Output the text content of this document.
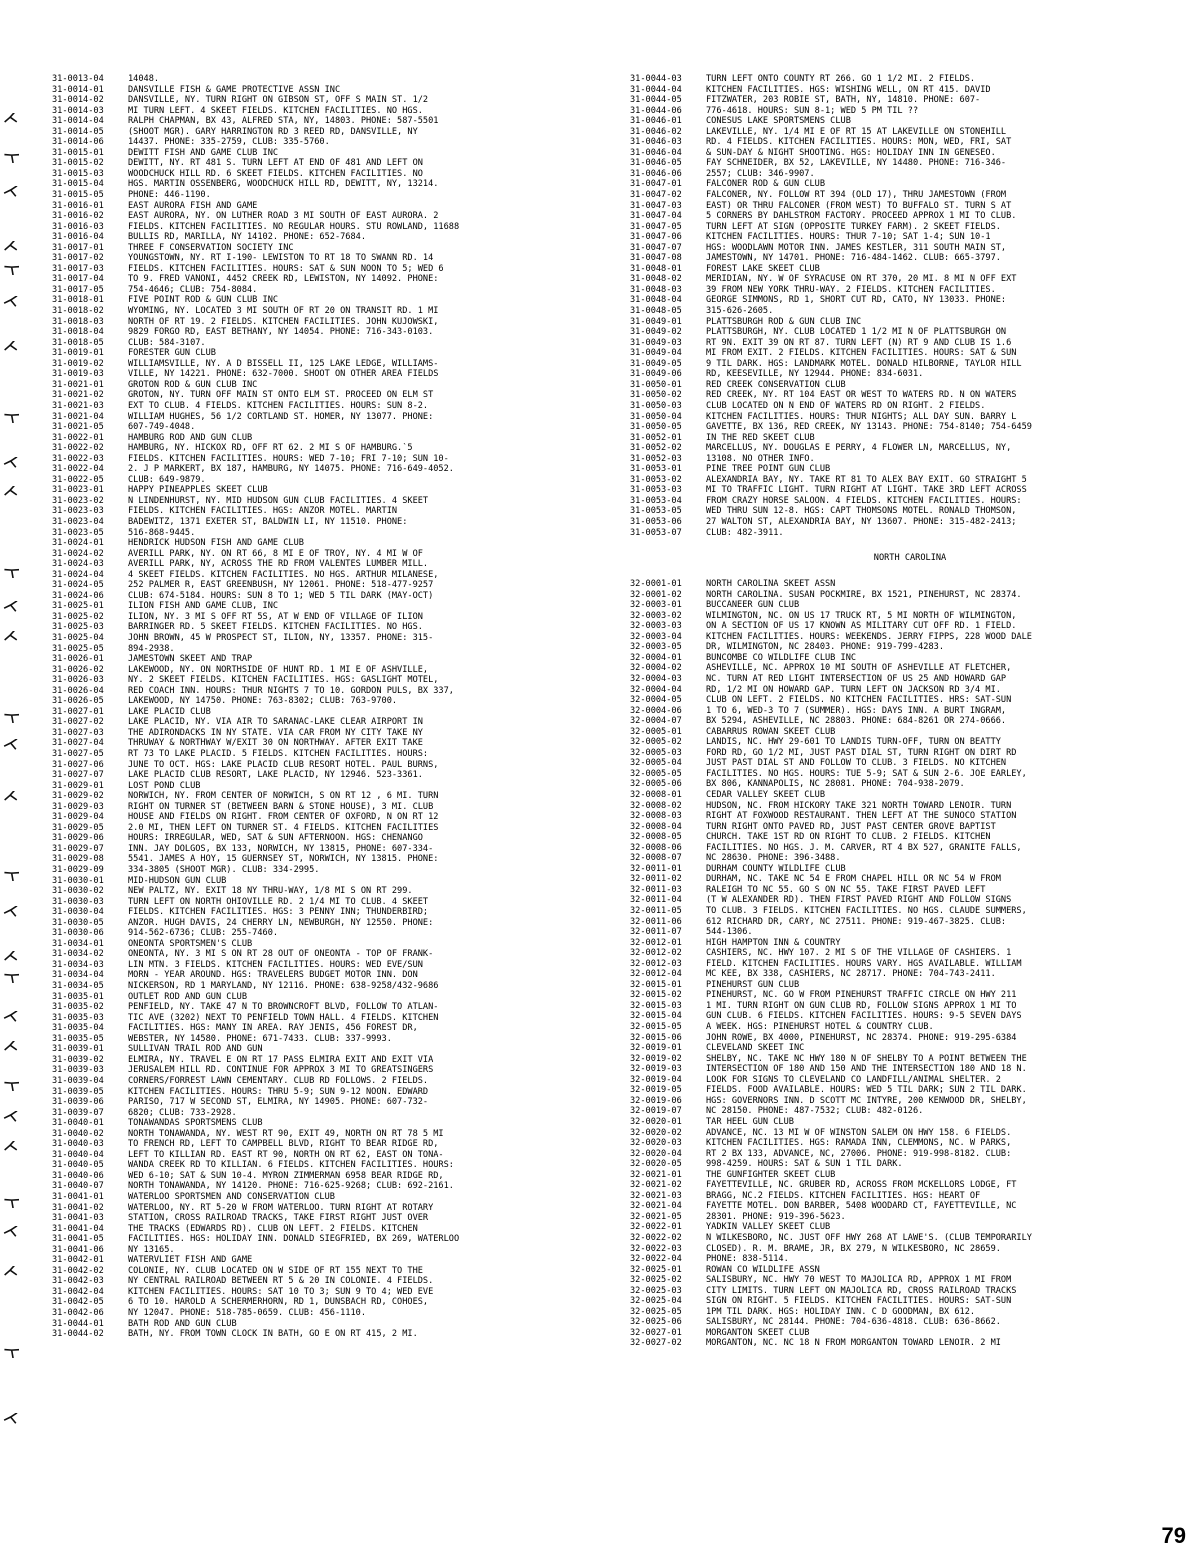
31-0013-04	14048.
31-0014-01	DANSVILLE FISH & GAME PROTECTIVE ASSN INC
31-0014-02	DANSVILLE, NY. TURN RIGHT ON GIBSON ST, OFF S MAIN ST. 1/2
31-0014-03	MI TURN LEFT. 4 SKEET FIELDS. KITCHEN FACILITIES. NO HGS.
31-0014-04	RALPH CHAPMAN, BX 43, ALFRED STA, NY, 14803. PHONE: 587-5501
31-0014-05	(SHOOT MGR). GARY HARRINGTON RD 3 REED RD, DANSVILLE, NY
31-0014-06	14437. PHONE: 335-2759, CLUB: 335-5760.
31-0015-01	DEWITT FISH AND GAME CLUB INC
31-0015-02	DEWITT, NY. RT 481 S. TURN LEFT AT END OF 481 AND LEFT ON
31-0015-03	WOODCHUCK HILL RD. 6 SKEET FIELDS. KITCHEN FACILITIES. NO
31-0015-04	HGS. MARTIN OSSENBERG, WOODCHUCK HILL RD, DEWITT, NY, 13214.
31-0015-05	PHONE: 446-1190.
31-0016-01	EAST AURORA FISH AND GAME
31-0016-02	EAST AURORA, NY. ON LUTHER ROAD 3 MI SOUTH OF EAST AURORA. 2
31-0016-03	FIELDS. KITCHEN FACILITIES. NO REGULAR HOURS. STU ROWLAND, 11688
31-0016-04	BULLIS RD, MARILLA, NY 14102. PHONE: 652-7684.
31-0017-01	THREE F CONSERVATION SOCIETY INC
31-0017-02	YOUNGSTOWN, NY. RT I-190- LEWISTON TO RT 18 TO SWANN RD. 14
31-0017-03	FIELDS. KITCHEN FACILITIES. HOURS: SAT & SUN NOON TO 5; WED 6
31-0017-04	TO 9. FRED VANONI, 4452 CREEK RD, LEWISTON, NY 14092. PHONE:
31-0017-05	754-4646; CLUB: 754-8084.
31-0018-01	FIVE POINT ROD & GUN CLUB INC
31-0018-02	WYOMING, NY. LOCATED 3 MI SOUTH OF RT 20 ON TRANSIT RD. 1 MI
31-0018-03	NORTH OF RT 19. 2 FIELDS. KITCHEN FACILITIES. JOHN KUJOWSKI,
31-0018-04	9829 FORGO RD, EAST BETHANY, NY 14054. PHONE: 716-343-0103.
31-0018-05	CLUB: 584-3107.
31-0019-01	FORESTER GUN CLUB
31-0019-02	WILLIAMSVILLE, NY. A D BISSELL II, 125 LAKE LEDGE, WILLIAMS-
31-0019-03	VILLE, NY 14221. PHONE: 632-7000. SHOOT ON OTHER AREA FIELDS
31-0021-01	GROTON ROD & GUN CLUB INC
31-0021-02	GROTON, NY. TURN OFF MAIN ST ONTO ELM ST. PROCEED ON ELM ST
31-0021-03	EXT TO CLUB. 4 FIELDS. KITCHEN FACILITIES. HOURS: SUN 8-2.
31-0021-04	WILLIAM HUGHES, 56 1/2 CORTLAND ST. HOMER, NY 13077. PHONE:
31-0021-05	607-749-4048.
31-0022-01	HAMBURG ROD AND GUN CLUB
31-0022-02	HAMBURG, NY. HICKOX RD, OFF RT 62. 2 MI S OF HAMBURG.`5
31-0022-03	FIELDS. KITCHEN FACILITIES. HOURS: WED 7-10; FRI 7-10; SUN 10-
31-0022-04	2. J P MARKERT, BX 187, HAMBURG, NY 14075. PHONE: 716-649-4052.
31-0022-05	CLUB: 649-9879.
31-0023-01	HAPPY PINEAPPLES SKEET CLUB
31-0023-02	N LINDENHURST, NY. MID HUDSON GUN CLUB FACILITIES. 4 SKEET
31-0023-03	FIELDS. KITCHEN FACILITIES. HGS: ANZOR MOTEL. MARTIN
31-0023-04	BADEWITZ, 1371 EXETER ST, BALDWIN LI, NY 11510. PHONE:
31-0023-05	516-868-9445.
31-0024-01	HENDRICK HUDSON FISH AND GAME CLUB
31-0024-02	AVERILL PARK, NY. ON RT 66, 8 MI E OF TROY, NY. 4 MI W OF
31-0024-03	AVERILL PARK, NY, ACROSS THE RD FROM VALENTES LUMBER MILL.
31-0024-04	4 SKEET FIELDS. KITCHEN FACILITIES. NO HGS. ARTHUR MILANESE,
31-0024-05	252 PALMER R, EAST GREENBUSH, NY 12061. PHONE: 518-477-9257
31-0024-06	CLUB: 674-5184. HOURS: SUN 8 TO 1; WED 5 TIL DARK (MAY-OCT)
31-0025-01	ILION FISH AND GAME CLUB, INC
31-0025-02	ILION, NY. 3 MI S OFF RT 5S, AT W END OF VILLAGE OF ILION
31-0025-03	BARRINGER RD. 5 SKEET FIELDS. KITCHEN FACILITIES. NO HGS.
31-0025-04	JOHN BROWN, 45 W PROSPECT ST, ILION, NY, 13357. PHONE: 315-
31-0025-05	894-2938.
31-0026-01	JAMESTOWN SKEET AND TRAP
31-0026-02	LAKEWOOD, NY. ON NORTHSIDE OF HUNT RD. 1 MI E OF ASHVILLE,
31-0026-03	NY. 2 SKEET FIELDS. KITCHEN FACILITIES. HGS: GASLIGHT MOTEL,
31-0026-04	RED COACH INN. HOURS: THUR NIGHTS 7 TO 10. GORDON PULS, BX 337,
31-0026-05	LAKEWOOD, NY 14750. PHONE: 763-8302; CLUB: 763-9700.
31-0027-01	LAKE PLACID CLUB
31-0027-02	LAKE PLACID, NY. VIA AIR TO SARANAC-LAKE CLEAR AIRPORT IN
31-0027-03	THE ADIRONDACKS IN NY STATE. VIA CAR FROM NY CITY TAKE NY
31-0027-04	THRUWAY & NORTHWAY W/EXIT 30 ON NORTHWAY. AFTER EXIT TAKE
31-0027-05	RT 73 TO LAKE PLACID. 5 FIELDS. KITCHEN FACILITIES. HOURS:
31-0027-06	JUNE TO OCT. HGS: LAKE PLACID CLUB RESORT HOTEL. PAUL BURNS,
31-0027-07	LAKE PLACID CLUB RESORT, LAKE PLACID, NY 12946. 523-3361.
31-0029-01	LOST POND CLUB
31-0029-02	NORWICH, NY. FROM CENTER OF NORWICH, S ON RT 12 , 6 MI. TURN
31-0029-03	RIGHT ON TURNER ST (BETWEEN BARN & STONE HOUSE), 3 MI. CLUB
31-0029-04	HOUSE AND FIELDS ON RIGHT. FROM CENTER OF OXFORD, N ON RT 12
31-0029-05	2.0 MI, THEN LEFT ON TURNER ST. 4 FIELDS. KITCHEN FACILITIES
31-0029-06	HOURS: IRREGULAR, WED, SAT & SUN AFTERNOON. HGS: CHENANGO
31-0029-07	INN. JAY DOLGOS, BX 133, NORWICH, NY 13815, PHONE: 607-334-
31-0029-08	5541. JAMES A HOY, 15 GUERNSEY ST, NORWICH, NY 13815. PHONE:
31-0029-09	334-3805 (SHOOT MGR). CLUB: 334-2995.
31-0030-01	MID-HUDSON GUN CLUB
31-0030-02	NEW PALTZ, NY. EXIT 18 NY THRU-WAY, 1/8 MI S ON RT 299.
31-0030-03	TURN LEFT ON NORTH OHIOVILLE RD. 2 1/4 MI TO CLUB. 4 SKEET
31-0030-04	FIELDS. KITCHEN FACILITIES. HGS: 3 PENNY INN; THUNDERBIRD;
31-0030-05	ANZOR. HUGH DAVIS, 24 CHERRY LN, NEWBURGH, NY 12550. PHONE:
31-0030-06	914-562-6736; CLUB: 255-7460.
31-0034-01	ONEONTA SPORTSMEN'S CLUB
31-0034-02	ONEONTA, NY. 3 MI S ON RT 28 OUT OF ONEONTA - TOP OF FRANK-
31-0034-03	LIN MTN. 3 FIELDS. KITCHEN FACILITIES. HOURS: WED EVE/SUN
31-0034-04	MORN - YEAR AROUND. HGS: TRAVELERS BUDGET MOTOR INN. DON
31-0034-05	NICKERSON, RD 1 MARYLAND, NY 12116. PHONE: 638-9258/432-9686
31-0035-01	OUTLET ROD AND GUN CLUB
31-0035-02	PENFIELD, NY. TAKE 47 N TO BROWNCROFT BLVD, FOLLOW TO ATLAN-
31-0035-03	TIC AVE (3202) NEXT TO PENFIELD TOWN HALL. 4 FIELDS. KITCHEN
31-0035-04	FACILITIES. HGS: MANY IN AREA. RAY JENIS, 456 FOREST DR,
31-0035-05	WEBSTER, NY 14580. PHONE: 671-7433. CLUB: 337-9993.
31-0039-01	SULLIVAN TRAIL ROD AND GUN
31-0039-02	ELMIRA, NY. TRAVEL E ON RT 17 PASS ELMIRA EXIT AND EXIT VIA
31-0039-03	JERUSALEM HILL RD. CONTINUE FOR APPROX 3 MI TO GREATSINGERS
31-0039-04	CORNERS/FORREST LAWN CEMENTARY. CLUB RD FOLLOWS. 2 FIELDS.
31-0039-05	KITCHEN FACILITIES. HOURS: THRU 5-9; SUN 9-12 NOON. EDWARD
31-0039-06	PARISO, 717 W SECOND ST, ELMIRA, NY 14905. PHONE: 607-732-
31-0039-07	6820; CLUB: 733-2928.
31-0040-01	TONAWANDAS SPORTSMENS CLUB
31-0040-02	NORTH TONAWANDA, NY. WEST RT 90, EXIT 49, NORTH ON RT 78 5 MI
31-0040-03	TO FRENCH RD, LEFT TO CAMPBELL BLVD, RIGHT TO BEAR RIDGE RD,
31-0040-04	LEFT TO KILLIAN RD. EAST RT 90, NORTH ON RT 62, EAST ON TONA-
31-0040-05	WANDA CREEK RD TO KILLIAN. 6 FIELDS. KITCHEN FACILITIES. HOURS:
31-0040-06	WED 6-10; SAT & SUN 10-4. MYRON ZIMMERMAN 6958 BEAR RIDGE RD,
31-0040-07	NORTH TONAWANDA, NY 14120. PHONE: 716-625-9268; CLUB: 692-2161.
31-0041-01	WATERLOO SPORTSMEN AND CONSERVATION CLUB
31-0041-02	WATERLOO, NY. RT 5-20 W FROM WATERLOO. TURN RIGHT AT ROTARY
31-0041-03	STATION, CROSS RAILROAD TRACKS, TAKE FIRST RIGHT JUST OVER
31-0041-04	THE TRACKS (EDWARDS RD). CLUB ON LEFT. 2 FIELDS. KITCHEN
31-0041-05	FACILITIES. HGS: HOLIDAY INN. DONALD SIEGFRIED, BX 269, WATERLOO
31-0041-06	NY 13165.
31-0042-01	WATERVLIET FISH AND GAME
31-0042-02	COLONIE, NY. CLUB LOCATED ON W SIDE OF RT 155 NEXT TO THE
31-0042-03	NY CENTRAL RAILROAD BETWEEN RT 5 & 20 IN COLONIE. 4 FIELDS.
31-0042-04	KITCHEN FACILITIES. HOURS: SAT 10 TO 3; SUN 9 TO 4; WED EVE
31-0042-05	6 TO 10. HAROLD A SCHERMERHORN, RD 1, DUNSBACH RD, COHOES,
31-0042-06	NY 12047. PHONE: 518-785-0659. CLUB: 456-1110.
31-0044-01	BATH ROD AND GUN CLUB
31-0044-02	BATH, NY. FROM TOWN CLOCK IN BATH, GO E ON RT 415, 2 MI.
31-0044-03	TURN LEFT ONTO COUNTY RT 266. GO 1 1/2 MI. 2 FIELDS.
31-0044-04	KITCHEN FACILITIES. HGS: WISHING WELL, ON RT 415. DAVID
31-0044-05	FITZWATER, 203 ROBIE ST, BATH, NY, 14810. PHONE: 607-
31-0044-06	776-4618. HOURS: SUN 8-1; WED 5 PM TIL ??
31-0046-01	CONESUS LAKE SPORTSMENS CLUB
31-0046-02	LAKEVILLE, NY. 1/4 MI E OF RT 15 AT LAKEVILLE ON STONEHILL
31-0046-03	RD. 4 FIELDS. KITCHEN FACILITIES. HOURS: MON, WED, FRI, SAT
31-0046-04	& SUN-DAY & NIGHT SHOOTING. HGS: HOLIDAY INN IN GENESEO.
31-0046-05	FAY SCHNEIDER, BX 52, LAKEVILLE, NY 14480. PHONE: 716-346-
31-0046-06	2557; CLUB: 346-9907.
31-0047-01	FALCONER ROD & GUN CLUB
31-0047-02	FALCONER, NY. FOLLOW RT 394 (OLD 17), THRU JAMESTOWN (FROM
31-0047-03	EAST) OR THRU FALCONER (FROM WEST) TO BUFFALO ST. TURN S AT
31-0047-04	5 CORNERS BY DAHLSTROM FACTORY. PROCEED APPROX 1 MI TO CLUB.
31-0047-05	TURN LEFT AT SIGN (OPPOSITE TURKEY FARM). 2 SKEET FIELDS.
31-0047-06	KITCHEN FACILITIES. HOURS: THUR 7-10; SAT 1-4; SUN 10-1
31-0047-07	HGS: WOODLAWN MOTOR INN. JAMES KESTLER, 311 SOUTH MAIN ST,
31-0047-08	JAMESTOWN, NY 14701. PHONE: 716-484-1462. CLUB: 665-3797.
31-0048-01	FOREST LAKE SKEET CLUB
31-0048-02	MERIDIAN, NY. W OF SYRACUSE ON RT 370, 20 MI. 8 MI N OFF EXT
31-0048-03	39 FROM NEW YORK THRU-WAY. 2 FIELDS. KITCHEN FACILITIES.
31-0048-04	GEORGE SIMMONS, RD 1, SHORT CUT RD, CATO, NY 13033. PHONE:
31-0048-05	315-626-2605.
31-0049-01	PLATTSBURGH ROD & GUN CLUB INC
31-0049-02	PLATTSBURGH, NY. CLUB LOCATED 1 1/2 MI N OF PLATTSBURGH ON
31-0049-03	RT 9N. EXIT 39 ON RT 87. TURN LEFT (N) RT 9 AND CLUB IS 1.6
31-0049-04	MI FROM EXIT. 2 FIELDS. KITCHEN FACILITIES. HOURS: SAT & SUN
31-0049-05	9 TIL DARK. HGS: LANDMARK MOTEL. DONALD HILBORNE, TAYLOR HILL
31-0049-06	RD, KEESEVILLE, NY 12944. PHONE: 834-6031.
31-0050-01	RED CREEK CONSERVATION CLUB
31-0050-02	RED CREEK, NY. RT 104 EAST OR WEST TO WATERS RD. N ON WATERS
31-0050-03	CLUB LOCATED ON N END OF WATERS RD ON RIGHT. 2 FIELDS.
31-0050-04	KITCHEN FACILITIES. HOURS: THUR NIGHTS; ALL DAY SUN. BARRY L
31-0050-05	GAVETTE, BX 136, RED CREEK, NY 13143. PHONE: 754-8140; 754-6459
31-0052-01	IN THE RED SKEET CLUB
31-0052-02	MARCELLUS, NY. DOUGLAS E PERRY, 4 FLOWER LN, MARCELLUS, NY,
31-0052-03	13108. NO OTHER INFO.
31-0053-01	PINE TREE POINT GUN CLUB
31-0053-02	ALEXANDRIA BAY, NY. TAKE RT 81 TO ALEX BAY EXIT. GO STRAIGHT 5
31-0053-03	MI TO TRAFFIC LIGHT. TURN RIGHT AT LIGHT. TAKE 3RD LEFT ACROSS
31-0053-04	FROM CRAZY HORSE SALOON. 4 FIELDS. KITCHEN FACILITIES. HOURS:
31-0053-05	WED THRU SUN 12-8. HGS: CAPT THOMSONS MOTEL. RONALD THOMSON,
31-0053-06	27 WALTON ST, ALEXANDRIA BAY, NY 13607. PHONE: 315-482-2413;
31-0053-07	CLUB: 482-3911.
NORTH CAROLINA
32-0001-01	NORTH CAROLINA SKEET ASSN
32-0001-02	NORTH CAROLINA. SUSAN POCKMIRE, BX 1521, PINEHURST, NC 28374.
32-0003-01	BUCCANEER GUN CLUB
32-0003-02	WILMINGTON, NC. ON US 17 TRUCK RT, 5 MI NORTH OF WILMINGTON,
32-0003-03	ON A SECTION OF US 17 KNOWN AS MILITARY CUT OFF RD. 1 FIELD.
32-0003-04	KITCHEN FACILITIES. HOURS: WEEKENDS. JERRY FIPPS, 228 WOOD DALE
32-0003-05	DR, WILMINGTON, NC 28403. PHONE: 919-799-4283.
32-0004-01	BUNCOMBE CO WILDLIFE CLUB INC
32-0004-02	ASHEVILLE, NC. APPROX 10 MI SOUTH OF ASHEVILLE AT FLETCHER,
32-0004-03	NC. TURN AT RED LIGHT INTERSECTION OF US 25 AND HOWARD GAP
32-0004-04	RD, 1/2 MI ON HOWARD GAP. TURN LEFT ON JACKSON RD 3/4 MI.
32-0004-05	CLUB ON LEFT. 2 FIELDS. NO KITCHEN FACILITIES. HRS: SAT-SUN
32-0004-06	1 TO 6, WED-3 TO 7 (SUMMER). HGS: DAYS INN. A BURT INGRAM,
32-0004-07	BX 5294, ASHEVILLE, NC 28803. PHONE: 684-8261 OR 274-0666.
32-0005-01	CABARRUS ROWAN SKEET CLUB
32-0005-02	LANDIS, NC. HWY 29-601 TO LANDIS TURN-OFF, TURN ON BEATTY
32-0005-03	FORD RD, GO 1/2 MI, JUST PAST DIAL ST, TURN RIGHT ON DIRT RD
32-0005-04	JUST PAST DIAL ST AND FOLLOW TO CLUB. 3 FIELDS. NO KITCHEN
32-0005-05	FACILITIES. NO HGS. HOURS: TUE 5-9; SAT & SUN 2-6. JOE EARLEY,
32-0005-06	BX 806, KANNAPOLIS, NC 28081. PHONE: 704-938-2079.
32-0008-01	CEDAR VALLEY SKEET CLUB
32-0008-02	HUDSON, NC. FROM HICKORY TAKE 321 NORTH TOWARD LENOIR. TURN
32-0008-03	RIGHT AT FOXWOOD RESTAURANT. THEN LEFT AT THE SUNOCO STATION
32-0008-04	TURN RIGHT ONTO PAVED RD, JUST PAST CENTER GROVE BAPTIST
32-0008-05	CHURCH. TAKE 1ST RD ON RIGHT TO CLUB. 2 FIELDS. KITCHEN
32-0008-06	FACILITIES. NO HGS. J. M. CARVER, RT 4 BX 527, GRANITE FALLS,
32-0008-07	NC 28630. PHONE: 396-3488.
32-0011-01	DURHAM COUNTY WILDLIFE CLUB
32-0011-02	DURHAM, NC. TAKE NC 54 E FROM CHAPEL HILL OR NC 54 W FROM
32-0011-03	RALEIGH TO NC 55. GO S ON NC 55. TAKE FIRST PAVED LEFT
32-0011-04	(T W ALEXANDER RD). THEN FIRST PAVED RIGHT AND FOLLOW SIGNS
32-0011-05	TO CLUB. 3 FIELDS. KITCHEN FACILITIES. NO HGS. CLAUDE SUMMERS,
32-0011-06	612 RICHARD DR, CARY, NC 27511. PHONE: 919-467-3825. CLUB:
32-0011-07	544-1306.
32-0012-01	HIGH HAMPTON INN & COUNTRY
32-0012-02	CASHIERS, NC. HWY 107. 2 MI S OF THE VILLAGE OF CASHIERS. 1
32-0012-03	FIELD. KITCHEN FACILITIES. HOURS VARY. HGS AVAILABLE. WILLIAM
32-0012-04	MC KEE, BX 338, CASHIERS, NC 28717. PHONE: 704-743-2411.
32-0015-01	PINEHURST GUN CLUB
32-0015-02	PINEHURST, NC. GO W FROM PINEHURST TRAFFIC CIRCLE ON HWY 211
32-0015-03	1 MI. TURN RIGHT ON GUN CLUB RD, FOLLOW SIGNS APPROX 1 MI TO
32-0015-04	GUN CLUB. 6 FIELDS. KITCHEN FACILITIES. HOURS: 9-5 SEVEN DAYS
32-0015-05	A WEEK. HGS: PINEHURST HOTEL & COUNTRY CLUB.
32-0015-06	JOHN ROWE, BX 4000, PINEHURST, NC 28374. PHONE: 919-295-6384
32-0019-01	CLEVELAND SKEET INC
32-0019-02	SHELBY, NC. TAKE NC HWY 180 N OF SHELBY TO A POINT BETWEEN THE
32-0019-03	INTERSECTION OF 180 AND 150 AND THE INTERSECTION 180 AND 18 N.
32-0019-04	LOOK FOR SIGNS TO CLEVELAND CO LANDFILL/ANIMAL SHELTER. 2
32-0019-05	FIELDS. FOOD AVAILABLE. HOURS: WED 5 TIL DARK; SUN 2 TIL DARK.
32-0019-06	HGS: GOVERNORS INN. D SCOTT MC INTYRE, 200 KENWOOD DR, SHELBY,
32-0019-07	NC 28150. PHONE: 487-7532; CLUB: 482-0126.
32-0020-01	TAR HEEL GUN CLUB
32-0020-02	ADVANCE, NC. 13 MI W OF WINSTON SALEM ON HWY 158. 6 FIELDS.
32-0020-03	KITCHEN FACILITIES. HGS: RAMADA INN, CLEMMONS, NC. W PARKS,
32-0020-04	RT 2 BX 133, ADVANCE, NC, 27006. PHONE: 919-998-8182. CLUB:
32-0020-05	998-4259. HOURS: SAT & SUN 1 TIL DARK.
32-0021-01	THE GUNFIGHTER SKEET CLUB
32-0021-02	FAYETTEVILLE, NC. GRUBER RD, ACROSS FROM MCKELLORS LODGE, FT
32-0021-03	BRAGG, NC.2 FIELDS. KITCHEN FACILITIES. HGS: HEART OF
32-0021-04	FAYETTE MOTEL. DON BARBER, 5408 WOODARD CT, FAYETTEVILLE, NC
32-0021-05	28301. PHONE: 919-396-5623.
32-0022-01	YADKIN VALLEY SKEET CLUB
32-0022-02	N WILKESBORO, NC. JUST OFF HWY 268 AT LAWE'S. (CLUB TEMPORARILY
32-0022-03	CLOSED). R. M. BRAME, JR, BX 279, N WILKESBORO, NC 28659.
32-0022-04	PHONE: 838-5114.
32-0025-01	ROWAN CO WILDLIFE ASSN
32-0025-02	SALISBURY, NC. HWY 70 WEST TO MAJOLICA RD, APPROX 1 MI FROM
32-0025-03	CITY LIMITS. TURN LEFT ON MAJOLICA RD, CROSS RAILROAD TRACKS
32-0025-04	SIGN ON RIGHT. 5 FIELDS. KITCHEN FACILITIES. HOURS: SAT-SUN
32-0025-05	1PM TIL DARK. HGS: HOLIDAY INN. C D GOODMAN, BX 612.
32-0025-06	SALISBURY, NC 28144. PHONE: 704-636-4818. CLUB: 636-8662.
32-0027-01	MORGANTON SKEET CLUB
32-0027-02	MORGANTON, NC. NC 18 N FROM MORGANTON TOWARD LENOIR. 2 MI
79
